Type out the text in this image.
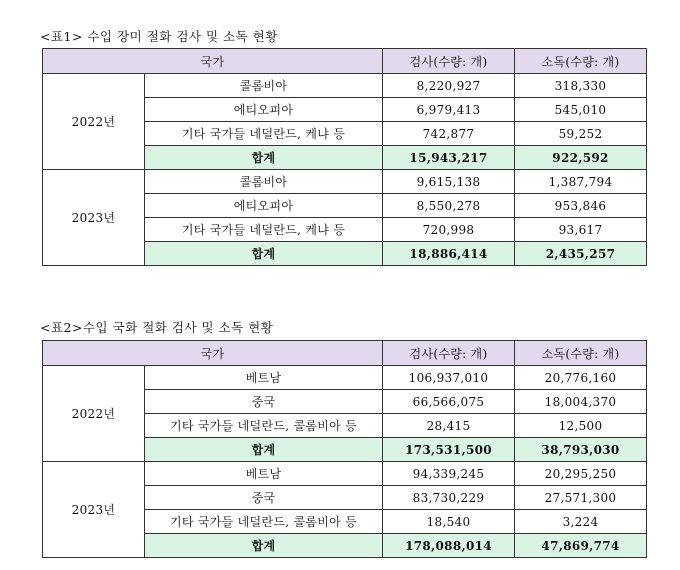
<표1> 수입 장미 절화 검사 및 소독 현황
국가		검사(수량: 개)	소독(수량: 개)
2022년	콜롬비아	8,220,927	318,330
	에티오피아	6,979,413	545,010
	기타 국가들 네덜란드, 케냐 등	742,877	59,252
	합계	15,943,217	922,592
2023년	콜롬비아	9,615,138	1,387,794
	에티오피아	8,550,278	953,846
	기타 국가들 네덜란드, 케냐 등	720,998	93,617
	합계	18,886,414	2,435,257
<표2>수입 국화 절화 검사 및 소독 현황
국가		검사(수량: 개)	소독(수량: 개)
2022년	베트남	106,937,010	20,776,160
	중국	66,566,075	18,004,370
	기타 국가들 네덜란드, 콜롬비아 등	28,415	12,500
	합계	173,531,500	38,793,030
2023년	베트남	94,339,245	20,295,250
	중국	83,730,229	27,571,300
	기타 국가들 네덜란드, 콜롬비아 등	18,540	3,224
	합계	178,088,014	47,869,774
